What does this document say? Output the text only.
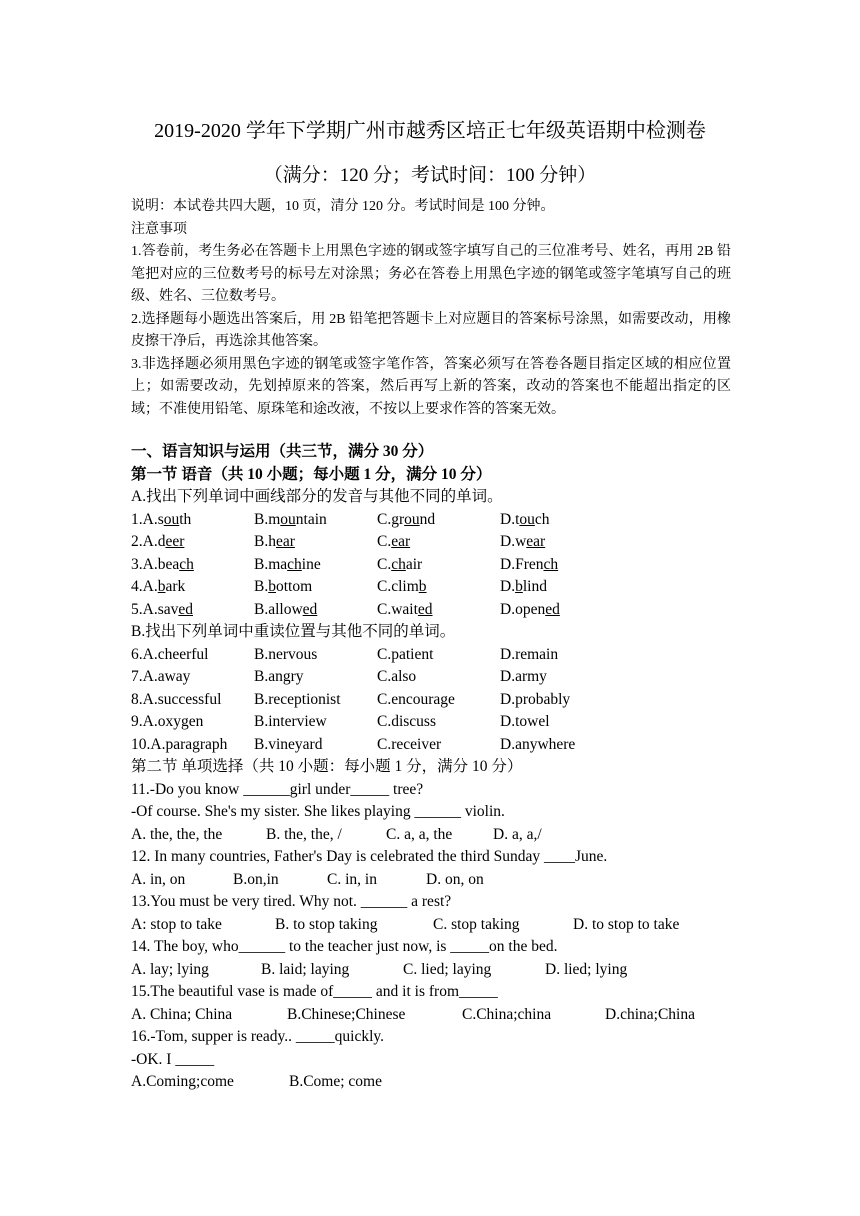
2019-2020 学年下学期广州市越秀区培正七年级英语期中检测卷
（满分：120 分；考试时间：100 分钟）

说明：本试卷共四大题，10 页，清分 120 分。考试时间是 100 分钟。

注意事项

1.答卷前，考生务必在答题卡上用黑色字迹的钢或签字填写自己的三位准考号、姓名，再用 2B 铅笔把对应的三位数考号的标号左对涂黑；务必在答卷上用黑色字迹的钢笔或签字笔填写自己的班级、姓名、三位数考号。

2.选择题每小题选出答案后，用 2B 铅笔把答题卡上对应题目的答案标号涂黑，如需要改动，用橡皮擦干净后，再选涂其他答案。

3.非选择题必须用黑色字迹的钢笔或签字笔作答，答案必须写在答卷各题目指定区域的相应位置上；如需要改动，先划掉原来的答案，然后再写上新的答案，改动的答案也不能超出指定的区域；不准使用铅笔、原珠笔和途改液，不按以上要求作答的答案无效。

一、语言知识与运用（共三节，满分 30 分）
第一节 语音（共 10 小题；每小题 1 分，满分 10 分）
A.找出下列单词中画线部分的发音与其他不同的单词。
1.A.south	B.mountain	C.ground	D.touch
2.A.deer	B.hear	C.ear	D.wear
3.A.beach	B.machine	C.chair	D.French
4.A.bark	B.bottom	C.climb	D.blind
5.A.saved	B.allowed	C.waited	D.opened
B.找出下列单词中重读位置与其他不同的单词。
6.A.cheerful	B.nervous	C.patient	D.remain
7.A.away	B.angry	C.also	D.army
8.A.successful B.receptionist C.encourage	D.probably
9.A.oxygen	B.interview	C.discuss	D.towel
10.A.paragraph B.vineyard	C.receiver	D.anywhere
第二节 单项选择（共 10 小题：每小题 1 分，满分 10 分）
11.-Do you know ______girl under_____ tree?
-Of course. She's my sister. She likes playing ______ violin.
A. the, the, the	B. the, the, /	C. a, a, the	D. a, a,/
12. In many countries, Father's Day is celebrated the third Sunday ____June.
A. in, on	B.on,in	C. in, in	D. on, on
13.You must be very tired. Why not. ______ a rest?
A: stop to take	B. to stop taking	C. stop taking	D. to stop to take
14. The boy, who______ to the teacher just now, is _____on the bed.
A. lay; lying	B. laid; laying	C. lied; laying	D. lied; lying
15.The beautiful vase is made of_____ and it is from_____
A. China; China	B.Chinese;Chinese	C.China;china	D.china;China
16.-Tom, supper is ready.. _____quickly.
-OK. I _____
A.Coming;come	B.Come; come
